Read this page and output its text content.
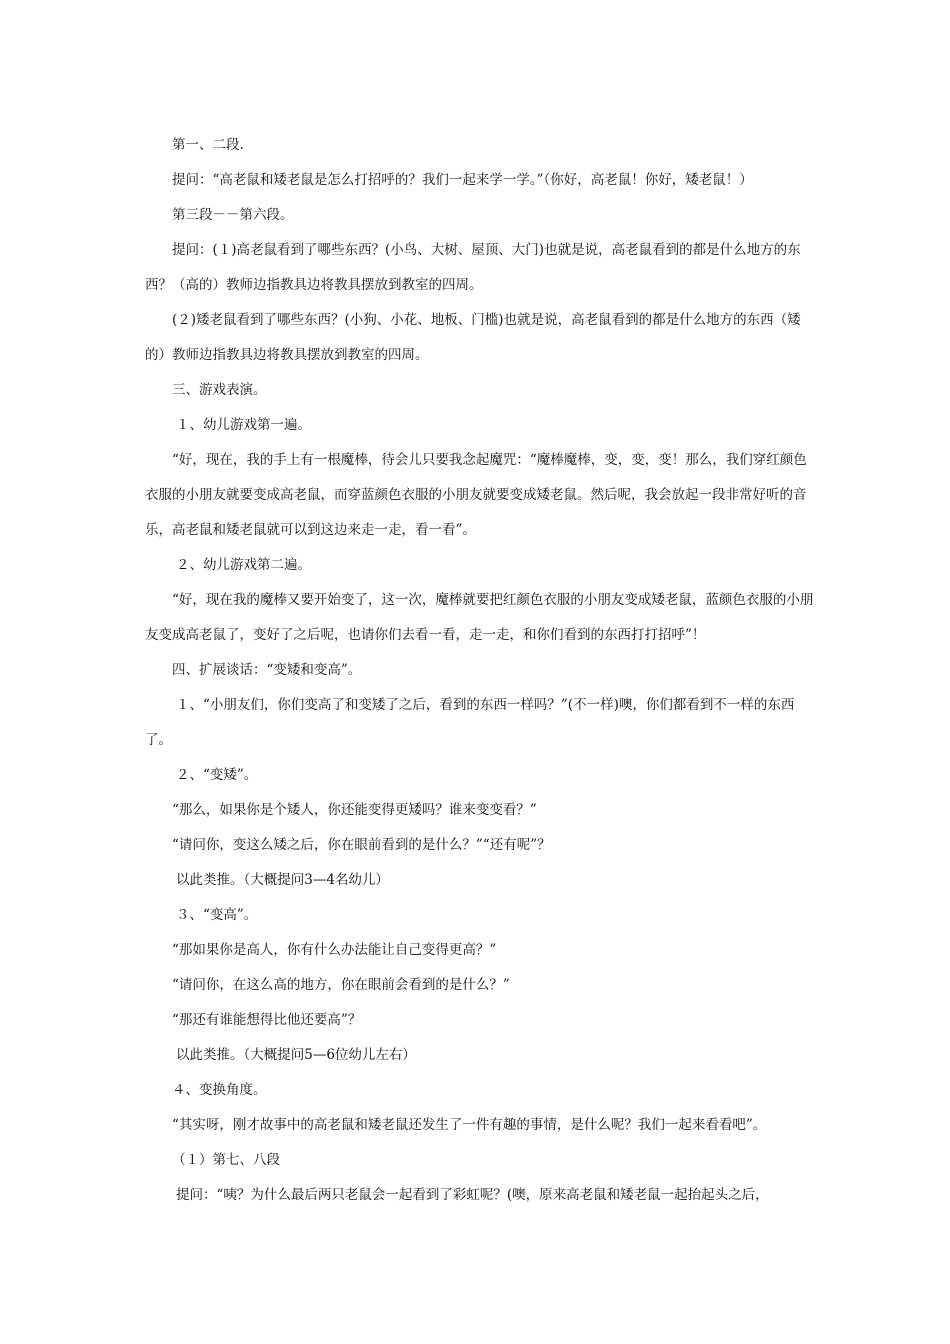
第一、二段.

提问：“高老鼠和矮老鼠是怎么打招呼的？我们一起来学一学。”（你好，高老鼠！你好，矮老鼠！）

第三段－－第六段。

提问：(１)高老鼠看到了哪些东西？(小鸟、大树、屋顶、大门)也就是说，高老鼠看到的都是什么地方的东西？（高的）教师边指教具边将教具摆放到教室的四周。

(２)矮老鼠看到了哪些东西？(小狗、小花、地板、门槛)也就是说，高老鼠看到的都是什么地方的东西（矮的）教师边指教具边将教具摆放到教室的四周。

三、游戏表演。

１、幼儿游戏第一遍。

“好，现在，我的手上有一根魔棒，待会儿只要我念起魔咒：“魔棒魔棒，变，变，变！那么，我们穿红颜色衣服的小朋友就要变成高老鼠，而穿蓝颜色衣服的小朋友就要变成矮老鼠。然后呢，我会放起一段非常好听的音乐，高老鼠和矮老鼠就可以到这边来走一走，看一看”。

２、幼儿游戏第二遍。

“好，现在我的魔棒又要开始变了，这一次，魔棒就要把红颜色衣服的小朋友变成矮老鼠，蓝颜色衣服的小朋友变成高老鼠了，变好了之后呢，也请你们去看一看，走一走，和你们看到的东西打打招呼”！

四、扩展谈话：“变矮和变高”。

１、“小朋友们，你们变高了和变矮了之后，看到的东西一样吗？”(不一样)噢，你们都看到不一样的东西了。

２、“变矮”。

“那么，如果你是个矮人，你还能变得更矮吗？谁来变变看？”

“请问你，变这么矮之后，你在眼前看到的是什么？”“还有呢”？

以此类推。（大概提问3—4名幼儿）

３、“变高”。

“那如果你是高人，你有什么办法能让自己变得更高？”

“请问你，在这么高的地方，你在眼前会看到的是什么？”

“那还有谁能想得比他还要高”？

以此类推。（大概提问5—6位幼儿左右）

４、变换角度。

“其实呀，刚才故事中的高老鼠和矮老鼠还发生了一件有趣的事情，是什么呢？我们一起来看看吧”。

（１）第七、八段

提问：“咦？为什么最后两只老鼠会一起看到了彩虹呢？(噢，原来高老鼠和矮老鼠一起抬起头之后，
